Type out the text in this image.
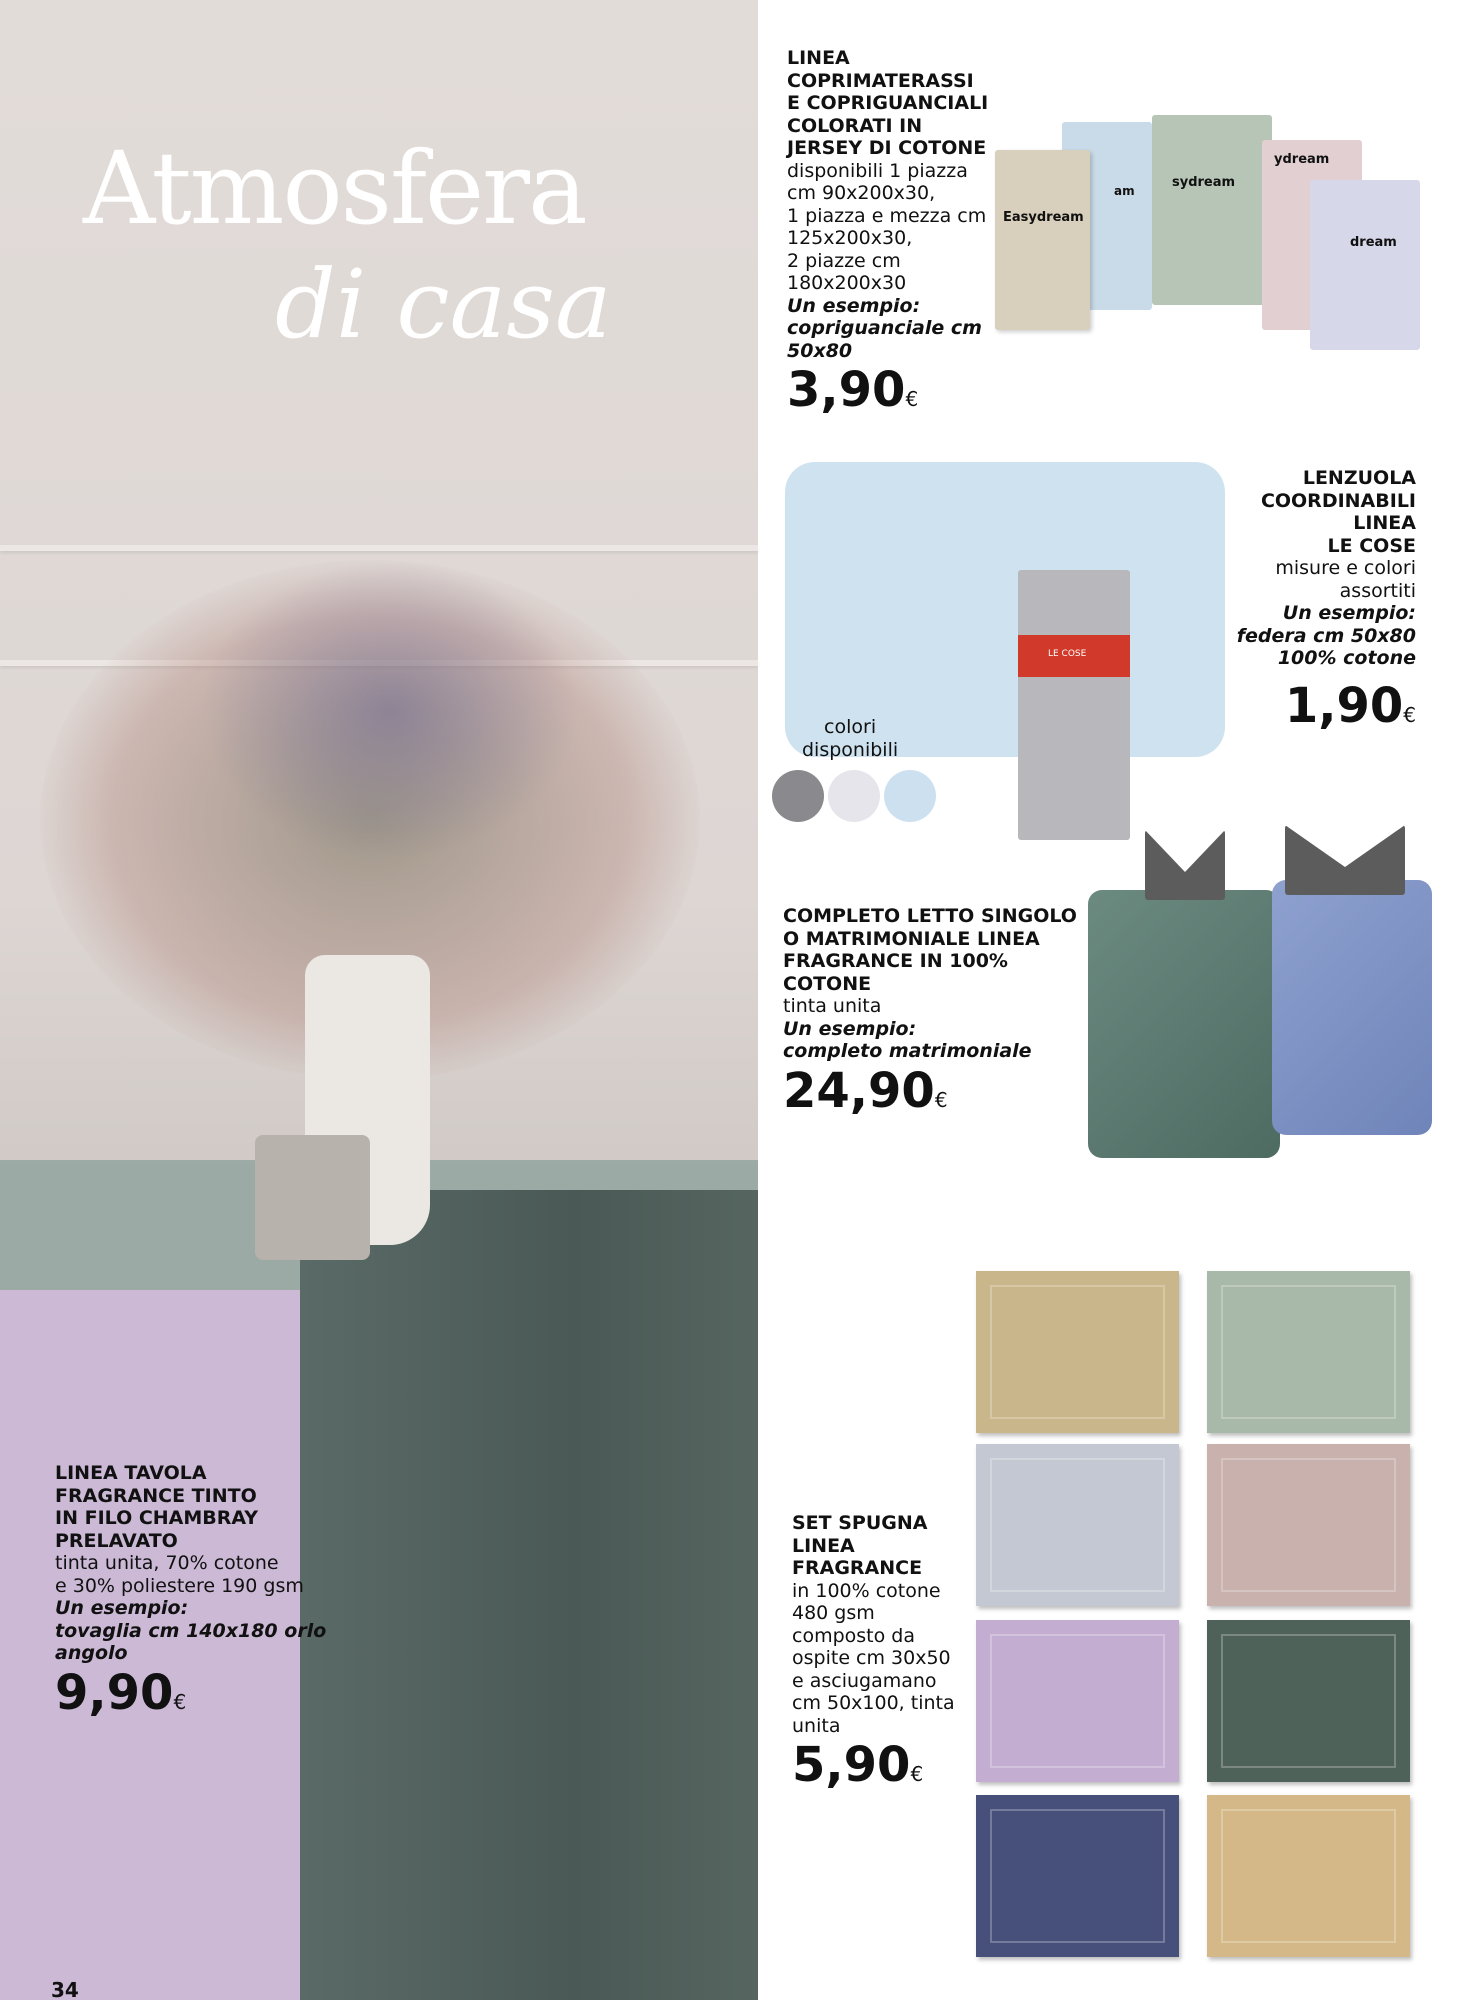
Atmosfera
di casa
LINEA
COPRIMATERASSI
E COPRIGUANCIALI
COLORATI IN
JERSEY DI COTONE
disponibili 1 piazza
cm 90x200x30,
1 piazza e mezza cm
125x200x30,
2 piazze cm
180x200x30
Un esempio:
copriguanciale cm
50x80
3,90€
am
sydream
ydream
dream
Easydream
LE COSE
LENZUOLA
COORDINABILI
LINEA
LE COSE
misure e colori
assortiti
Un esempio:
federa cm 50x80
100% cotone
1,90€
colori
disponibili
COMPLETO LETTO SINGOLO
O MATRIMONIALE LINEA
FRAGRANCE IN 100%
COTONE
tinta unita
Un esempio:
completo matrimoniale
24,90€
SET SPUGNA
LINEA
FRAGRANCE
in 100% cotone
480 gsm
composto da
ospite cm 30x50
e asciugamano
cm 50x100, tinta
unita
5,90€
LINEA TAVOLA
FRAGRANCE TINTO
IN FILO CHAMBRAY
PRELAVATO
tinta unita, 70% cotone
e 30% poliestere 190 gsm
Un esempio:
tovaglia cm 140x180 orlo
angolo
9,90€
34
